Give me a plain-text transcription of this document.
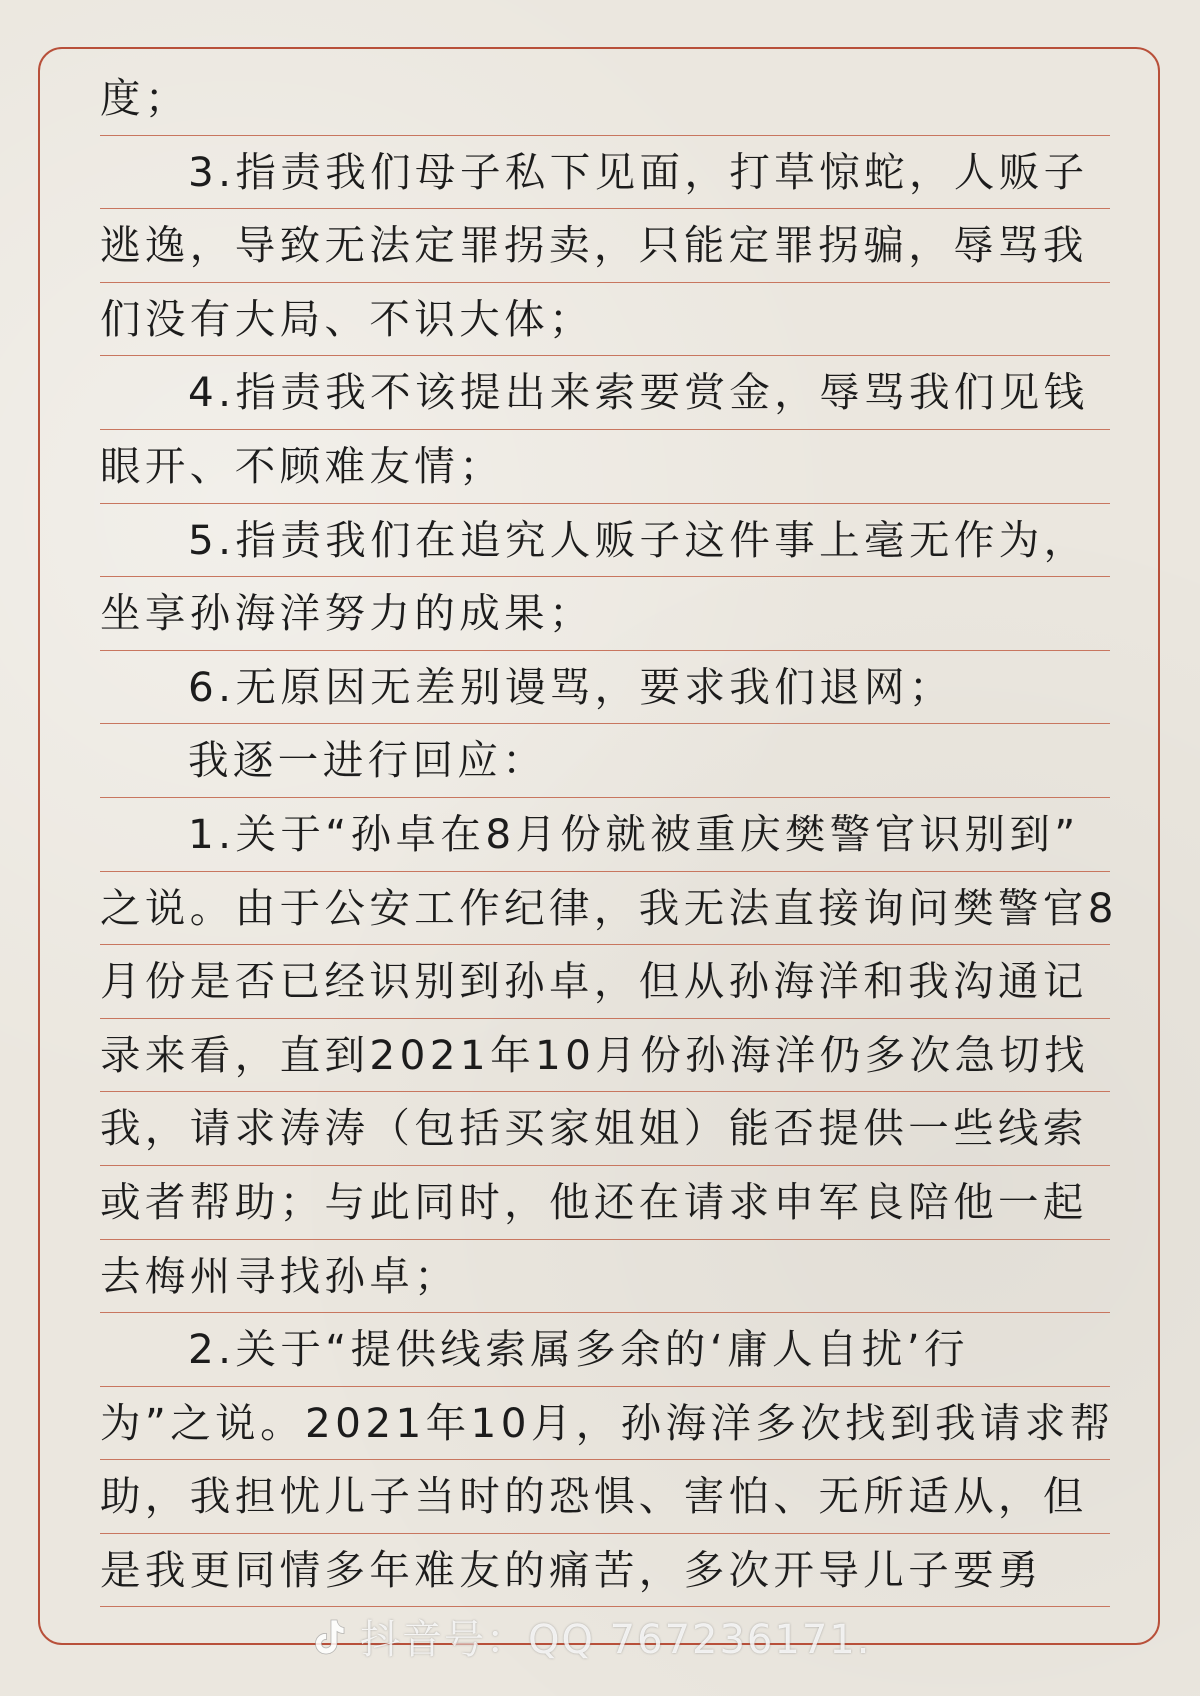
度；
3.指责我们母子私下见面，打草惊蛇，人贩子
逃逸，导致无法定罪拐卖，只能定罪拐骗，辱骂我
们没有大局、不识大体；
4.指责我不该提出来索要赏金，辱骂我们见钱
眼开、不顾难友情；
5.指责我们在追究人贩子这件事上毫无作为，
坐享孙海洋努力的成果；
6.无原因无差别谩骂，要求我们退网；
我逐一进行回应：
1.关于“孙卓在8月份就被重庆樊警官识别到”
之说。由于公安工作纪律，我无法直接询问樊警官8
月份是否已经识别到孙卓，但从孙海洋和我沟通记
录来看，直到2021年10月份孙海洋仍多次急切找
我，请求涛涛（包括买家姐姐）能否提供一些线索
或者帮助；与此同时，他还在请求申军良陪他一起
去梅州寻找孙卓；
2.关于“提供线索属多余的‘庸人自扰’行
为”之说。2021年10月，孙海洋多次找到我请求帮
助，我担忧儿子当时的恐惧、害怕、无所适从，但
是我更同情多年难友的痛苦，多次开导儿子要勇
抖音号：QQ 767236171.
